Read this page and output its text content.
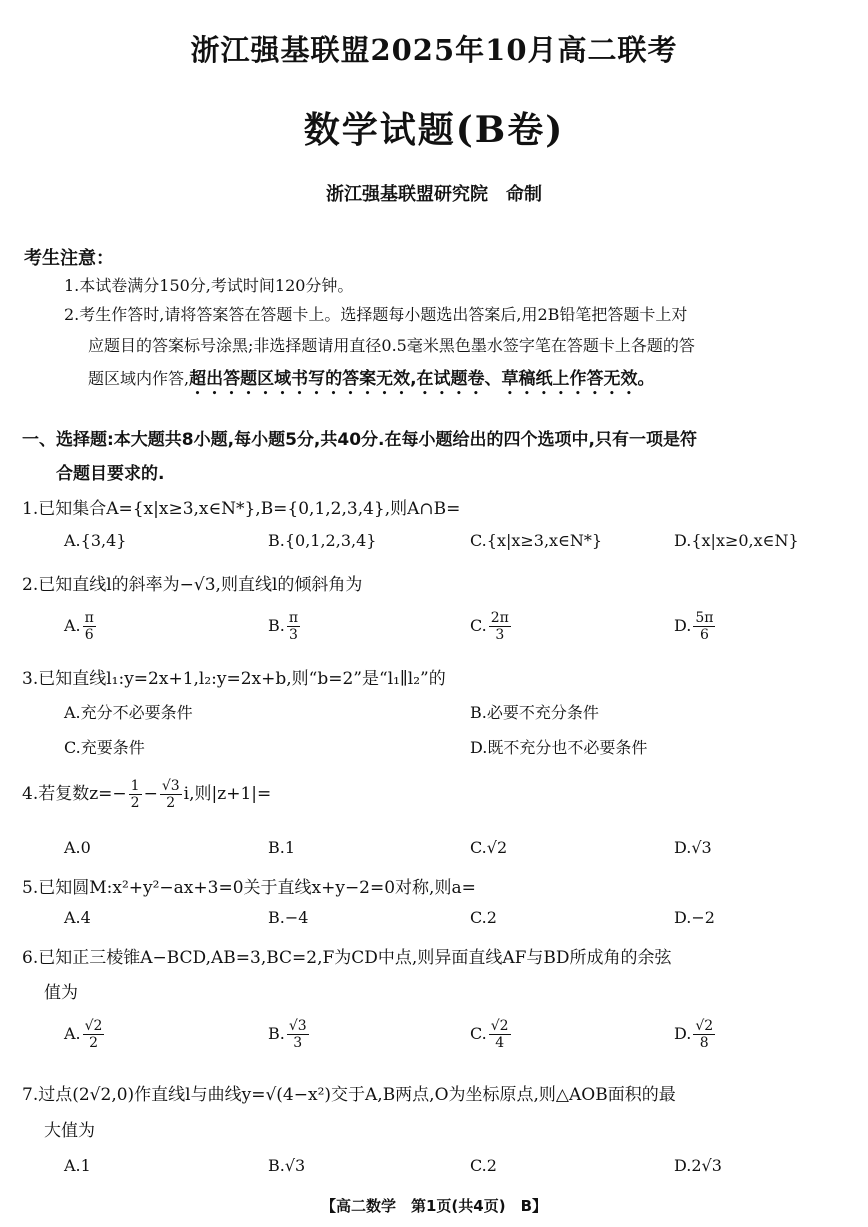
浙江强基联盟2025年10月高二联考
数学试题(B卷)
浙江强基联盟研究院　命制
考生注意：
1.本试卷满分150分,考试时间120分钟。
2.考生作答时,请将答案答在答题卡上。选择题每小题选出答案后,用2B铅笔把答题卡上对
应题目的答案标号涂黑;非选择题请用直径0.5毫米黑色墨水签字笔在答题卡上各题的答
题区域内作答,超出答题区域书写的答案无效,在试题卷、草稿纸上作答无效。
一、选择题:本大题共8小题,每小题5分,共40分.在每小题给出的四个选项中,只有一项是符
合题目要求的.
1.已知集合A={x|x≥3,x∈N*},B={0,1,2,3,4},则A∩B=
A.{3,4}	B.{0,1,2,3,4}	C.{x|x≥3,x∈N*}	D.{x|x≥0,x∈N}
2.已知直线l的斜率为−√3,则直线l的倾斜角为
A. $\frac{\pi}{6}$	B. $\frac{\pi}{3}$	C. $\frac{2\pi}{3}$	D. $\frac{5\pi}{6}$
3.已知直线l₁:y=2x+1,l₂:y=2x+b,则“b=2”是“l₁∥l₂”的
A.充分不必要条件	B.必要不充分条件
C.充要条件	D.既不充分也不必要条件
4.若复数$z=- \frac{1}{2} - \frac{√3}{2} i$,则|z+1|=
A.0	B.1	C.√2	D.√3
5.已知圆M:x²+y²−ax+3=0关于直线x+y−2=0对称,则a=
A.4	B.−4	C.2	D.−2
6.已知正三棱锥A−BCD,AB=3,BC=2,F为CD中点,则异面直线AF与BD所成角的余弦
值为
A. $\frac{√2}{2}$	B. $\frac{√3}{3}$	C. $\frac{√2}{4}$	D. $\frac{√2}{8}$
7.过点(2√2,0)作直线l与曲线y=√(4−x²)交于A,B两点,O为坐标原点,则△AOB面积的最
大值为
A.1	B.√3	C.2	D.2√3
【高二数学　第1页(共4页)　B】
